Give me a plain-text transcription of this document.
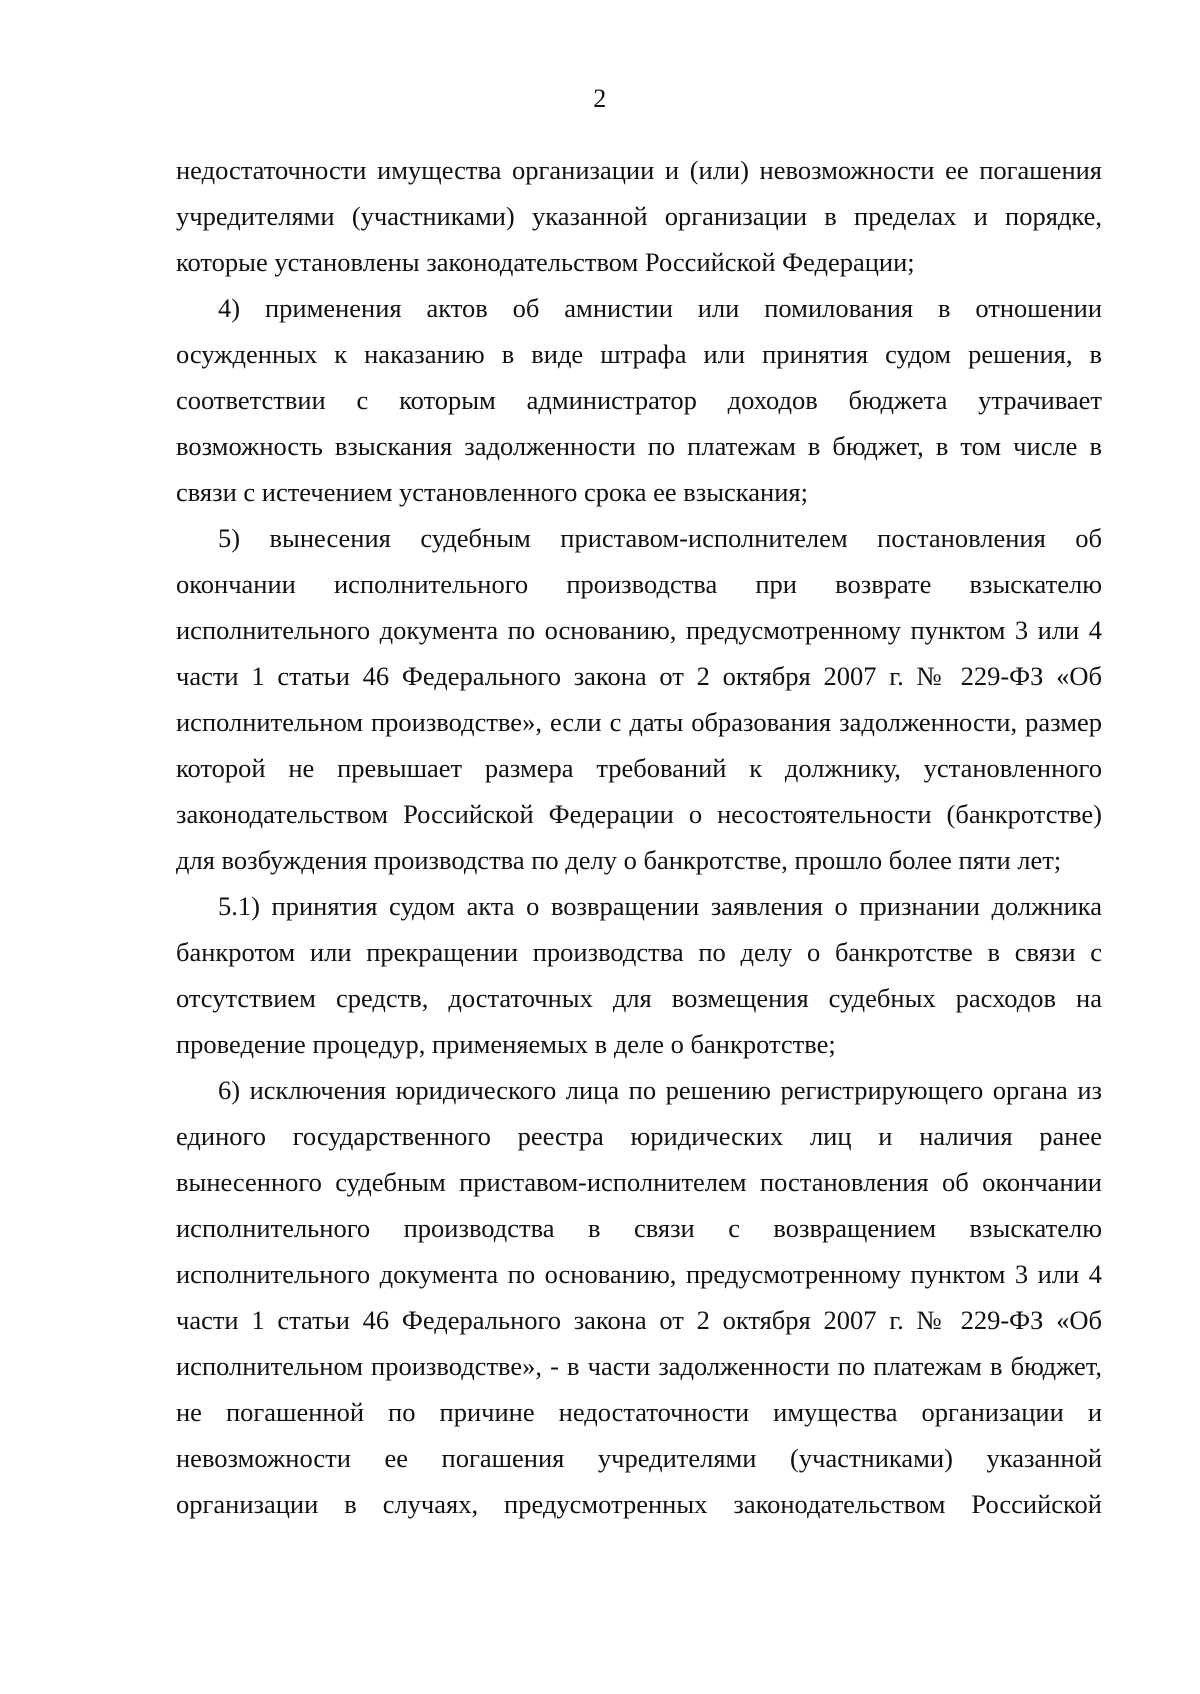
2
недостаточности имущества организации и (или) невозможности ее погашения
учредителями (участниками) указанной организации в пределах и порядке,
которые установлены законодательством Российской Федерации;
4) применения актов об амнистии или помилования в отношении
осужденных к наказанию в виде штрафа или принятия судом решения, в
соответствии с которым администратор доходов бюджета утрачивает
возможность взыскания задолженности по платежам в бюджет, в том числе в
связи с истечением установленного срока ее взыскания;
5) вынесения судебным приставом-исполнителем постановления об
окончании исполнительного производства при возврате взыскателю
исполнительного документа по основанию, предусмотренному пунктом 3 или 4
части 1 статьи 46 Федерального закона от 2 октября 2007 г. № 229-ФЗ «Об
исполнительном производстве», если с даты образования задолженности, размер
которой не превышает размера требований к должнику, установленного
законодательством Российской Федерации о несостоятельности (банкротстве)
для возбуждения производства по делу о банкротстве, прошло более пяти лет;
5.1) принятия судом акта о возвращении заявления о признании должника
банкротом или прекращении производства по делу о банкротстве в связи с
отсутствием средств, достаточных для возмещения судебных расходов на
проведение процедур, применяемых в деле о банкротстве;
6) исключения юридического лица по решению регистрирующего органа из
единого государственного реестра юридических лиц и наличия ранее
вынесенного судебным приставом-исполнителем постановления об окончании
исполнительного производства в связи с возвращением взыскателю
исполнительного документа по основанию, предусмотренному пунктом 3 или 4
части 1 статьи 46 Федерального закона от 2 октября 2007 г. № 229-ФЗ «Об
исполнительном производстве», - в части задолженности по платежам в бюджет,
не погашенной по причине недостаточности имущества организации и
невозможности ее погашения учредителями (участниками) указанной
организации в случаях, предусмотренных законодательством Российской
